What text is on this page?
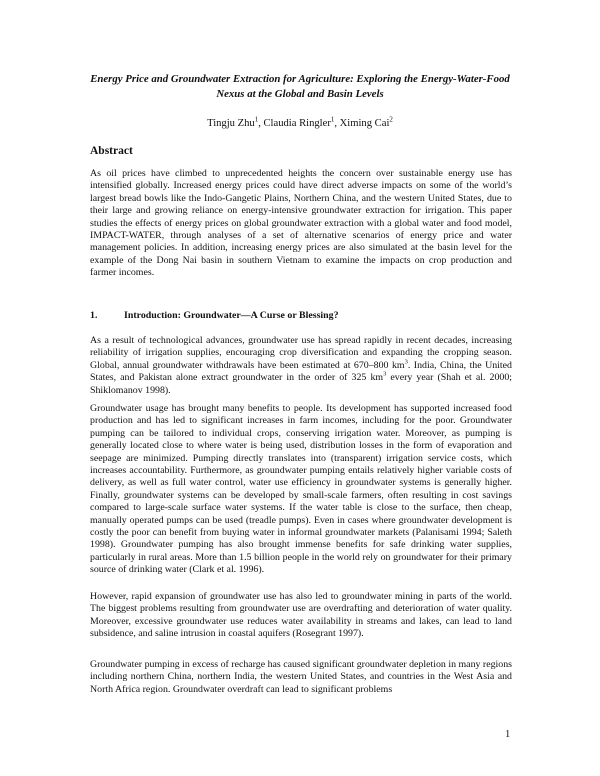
Energy Price and Groundwater Extraction for Agriculture: Exploring the Energy-Water-Food Nexus at the Global and Basin Levels
Tingju Zhu$^1$, Claudia Ringler$^1$, Ximing Cai$^2$
Abstract

As oil prices have climbed to unprecedented heights the concern over sustainable energy use has intensified globally. Increased energy prices could have direct adverse impacts on some of the world’s largest bread bowls like the Indo-Gangetic Plains, Northern China, and the western United States, due to their large and growing reliance on energy-intensive groundwater extraction for irrigation. This paper studies the effects of energy prices on global groundwater extraction with a global water and food model, IMPACT-WATER, through analyses of a set of alternative scenarios of energy price and water management policies. In addition, increasing energy prices are also simulated at the basin level for the example of the Dong Nai basin in southern Vietnam to examine the impacts on crop production and farmer incomes.

1.	Introduction: Groundwater—A Curse or Blessing?

As a result of technological advances, groundwater use has spread rapidly in recent decades, increasing reliability of irrigation supplies, encouraging crop diversification and expanding the cropping season. Global, annual groundwater withdrawals have been estimated at 670–800 $km^3$. India, China, the United States, and Pakistan alone extract groundwater in the order of 325 $km^3$ every year (Shah et al. 2000; Shiklomanov 1998).

Groundwater usage has brought many benefits to people. Its development has supported increased food production and has led to significant increases in farm incomes, including for the poor. Groundwater pumping can be tailored to individual crops, conserving irrigation water. Moreover, as pumping is generally located close to where water is being used, distribution losses in the form of evaporation and seepage are minimized. Pumping directly translates into (transparent) irrigation service costs, which increases accountability. Furthermore, as groundwater pumping entails relatively higher variable costs of delivery, as well as full water control, water use efficiency in groundwater systems is generally higher. Finally, groundwater systems can be developed by small-scale farmers, often resulting in cost savings compared to large-scale surface water systems. If the water table is close to the surface, then cheap, manually operated pumps can be used (treadle pumps). Even in cases where groundwater development is costly the poor can benefit from buying water in informal groundwater markets (Palanisami 1994; Saleth 1998). Groundwater pumping has also brought immense benefits for safe drinking water supplies, particularly in rural areas. More than 1.5 billion people in the world rely on groundwater for their primary source of drinking water (Clark et al. 1996).

However, rapid expansion of groundwater use has also led to groundwater mining in parts of the world. The biggest problems resulting from groundwater use are overdrafting and deterioration of water quality. Moreover, excessive groundwater use reduces water availability in streams and lakes, can lead to land subsidence, and saline intrusion in coastal aquifers (Rosegrant 1997).

Groundwater pumping in excess of recharge has caused significant groundwater depletion in many regions including northern China, northern India, the western United States, and countries in the West Asia and North Africa region. Groundwater overdraft can lead to significant problems

1
